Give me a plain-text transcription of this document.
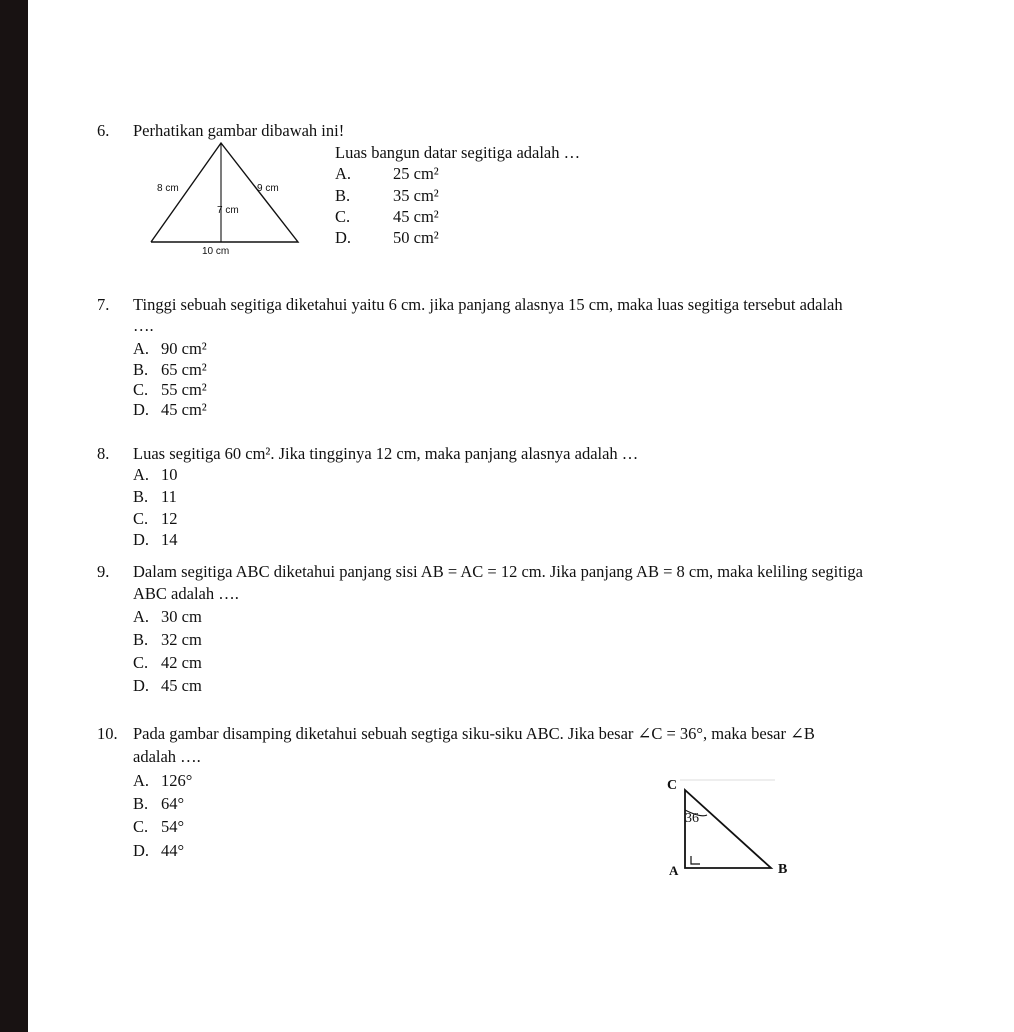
6. Perhatikan gambar dibawah ini!
8 cm	9 cm
7 cm
10 cm
Luas bangun datar segitiga adalah …
A.	25 cm²
B.	35 cm²
C.	45 cm²
D.	50 cm²
7. Tinggi sebuah segitiga diketahui yaitu 6 cm. jika panjang alasnya 15 cm, maka luas segitiga tersebut adalah
….
A. 90 cm²
B. 65 cm²
C. 55 cm²
D. 45 cm²
8. Luas segitiga 60 cm². Jika tingginya 12 cm, maka panjang alasnya adalah …
A. 10
B. 11
C. 12
D. 14
9. Dalam segitiga ABC diketahui panjang sisi AB = AC = 12 cm. Jika panjang AB = 8 cm, maka keliling segitiga
ABC adalah ….
A. 30 cm
B. 32 cm
C. 42 cm
D. 45 cm
10. Pada gambar disamping diketahui sebuah segtiga siku-siku ABC. Jika besar ∠C = 36°, maka besar ∠B
adalah ….
A. 126°
B. 64°
C. 54°
D. 44°
C
36
A	B
